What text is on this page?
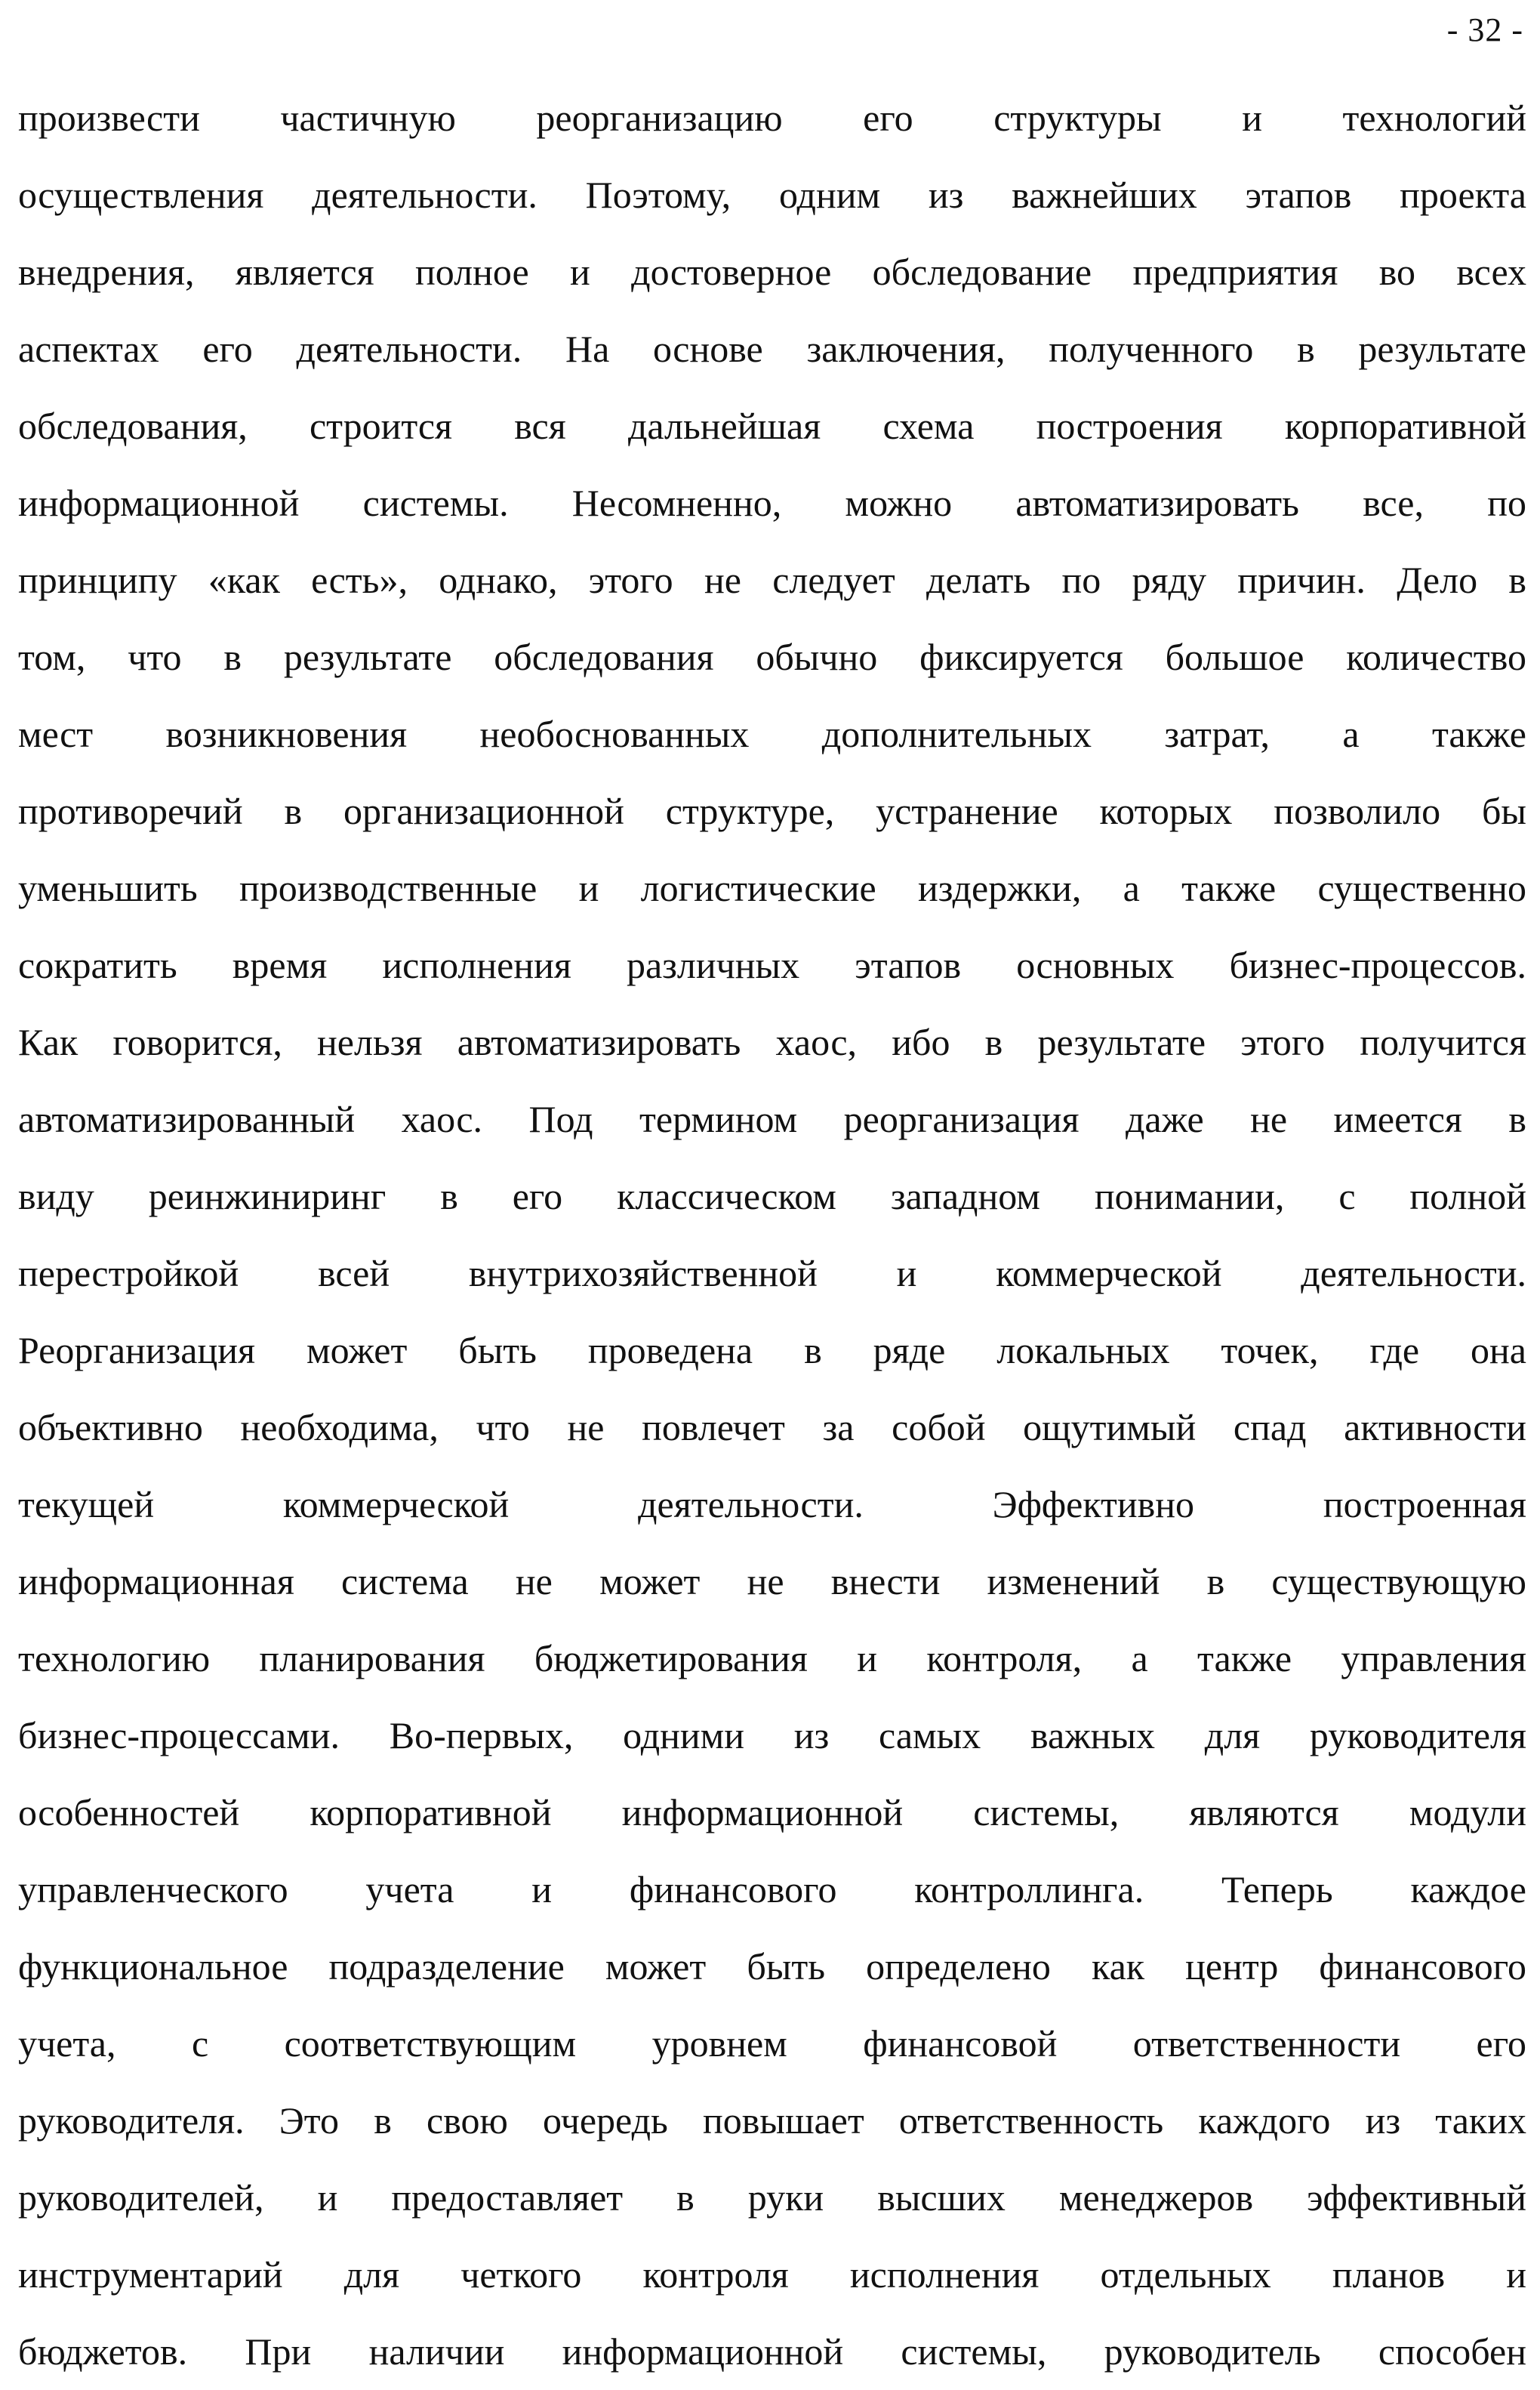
- 32 -
произвести частичную реорганизацию его структуры и технологий
осуществления деятельности. Поэтому, одним из важнейших этапов проекта
внедрения, является полное и достоверное обследование предприятия во всех
аспектах его деятельности. На основе заключения, полученного в результате
обследования, строится вся дальнейшая схема построения корпоративной
информационной системы. Несомненно, можно автоматизировать все, по
принципу «как есть», однако, этого не следует делать по ряду причин. Дело в
том, что в результате обследования обычно фиксируется большое количество
мест возникновения необоснованных дополнительных затрат, а также
противоречий в организационной структуре, устранение которых позволило бы
уменьшить производственные и логистические издержки, а также существенно
сократить время исполнения различных этапов основных бизнес-процессов.
Как говорится, нельзя автоматизировать хаос, ибо в результате этого получится
автоматизированный хаос. Под термином реорганизация даже не имеется в
виду реинжиниринг в его классическом западном понимании, с полной
перестройкой всей внутрихозяйственной и коммерческой деятельности.
Реорганизация может быть проведена в ряде локальных точек, где она
объективно необходима, что не повлечет за собой ощутимый спад активности
текущей коммерческой деятельности. Эффективно построенная
информационная система не может не внести изменений в существующую
технологию планирования бюджетирования и контроля, а также управления
бизнес-процессами. Во-первых, одними из самых важных для руководителя
особенностей корпоративной информационной системы, являются модули
управленческого учета и финансового контроллинга. Теперь каждое
функциональное подразделение может быть определено как центр финансового
учета, с соответствующим уровнем финансовой ответственности его
руководителя. Это в свою очередь повышает ответственность каждого из таких
руководителей, и предоставляет в руки высших менеджеров эффективный
инструментарий для четкого контроля исполнения отдельных планов и
бюджетов. При наличии информационной системы, руководитель способен
